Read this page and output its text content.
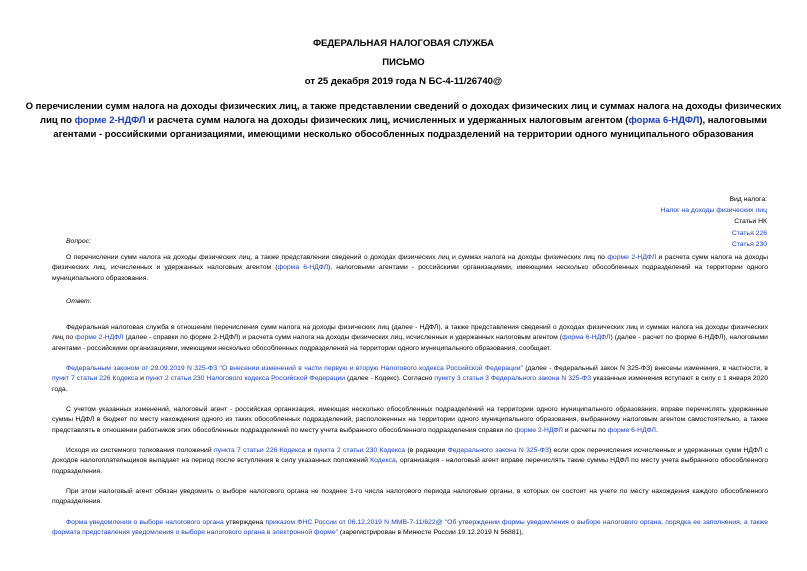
ФЕДЕРАЛЬНАЯ НАЛОГОВАЯ СЛУЖБА
ПИСЬМО
от 25 декабря 2019 года N БС-4-11/26740@
О перечислении сумм налога на доходы физических лиц, а также представлении сведений о доходах физических лиц и суммах налога на доходы физических лиц по форме 2-НДФЛ и расчета сумм налога на доходы физических лиц, исчисленных и удержанных налоговым агентом (форма 6-НДФЛ), налоговыми агентами - российскими организациями, имеющими несколько обособленных подразделений на территории одного муниципального образования
Вид налога:
Налог на доходы физических лиц
Статьи НК
Статья 226
Статья 230
Вопрос:
О перечислении сумм налога на доходы физических лиц, а также представлении сведений о доходах физических лиц и суммах налога на доходы физических лиц по форме 2-НДФЛ и расчета сумм налога на доходы физических лиц, исчисленных и удержанных налоговым агентом (форма 6-НДФЛ), налоговыми агентами - российскими организациями, имеющими несколько обособленных подразделений на территории одного муниципального образования.
Ответ:
Федеральная налоговая служба в отношении перечисления сумм налога на доходы физических лиц (далее - НДФЛ), а также представления сведений о доходах физических лиц и суммах налога на доходы физических лиц по форме 2-НДФЛ (далее - справки по форме 2-НДФЛ) и расчета сумм налога на доходы физических лиц, исчисленных и удержанных налоговым агентом (форма 6-НДФЛ) (далее - расчет по форме 6-НДФЛ), налоговыми агентами - российскими организациями, имеющими несколько обособленных подразделений на территории одного муниципального образования, сообщает.
Федеральным законом от 29.09.2019 N 325-ФЗ "О внесении изменений в части первую и вторую Налогового кодекса Российской Федерации" (далее - Федеральный закон N 325-ФЗ) внесены изменения, в частности, в пункт 7 статьи 226 Кодекса и пункт 2 статьи 230 Налогового кодекса Российской Федерации (далее - Кодекс). Согласно пункту 3 статьи 3 Федерального закона N 325-ФЗ указанные изменения вступают в силу с 1 января 2020 года.
С учетом указанных изменений, налоговый агент - российская организация, имеющая несколько обособленных подразделений на территории одного муниципального образования, вправе перечислять удержанные суммы НДФЛ в бюджет по месту нахождения одного из таких обособленных подразделений, расположенных на территории одного муниципального образования, выбранному налоговым агентом самостоятельно, а также представлять в отношении работников этих обособленных подразделений по месту учета выбранного обособленного подразделения справки по форме 2-НДФЛ и расчеты по форме 6-НДФЛ.
Исходя из системного толкования положений пункта 7 статьи 226 Кодекса и пункта 2 статьи 230 Кодекса (в редакции Федерального закона N 325-ФЗ) если срок перечисления исчисленных и удержанных сумм НДФЛ с доходов налогоплательщиков выпадает на период после вступления в силу указанных положений Кодекса, организация - налоговый агент вправе перечислять такие суммы НДФЛ по месту учета выбранного обособленного подразделения.
При этом налоговый агент обязан уведомить о выборе налогового органа не позднее 1-го числа налогового периода налоговые органы, в которых он состоит на учете по месту нахождения каждого обособленного подразделения.
Форма уведомления о выборе налогового органа утверждена приказом ФНС России от 06.12.2019 N ММВ-7-11/622@ "Об утверждении формы уведомления о выборе налогового органа, порядка ее заполнения, а также формата представления уведомления о выборе налогового органа в электронной форме" (зарегистрирован в Минюсте России 19.12.2019 N 56881).
